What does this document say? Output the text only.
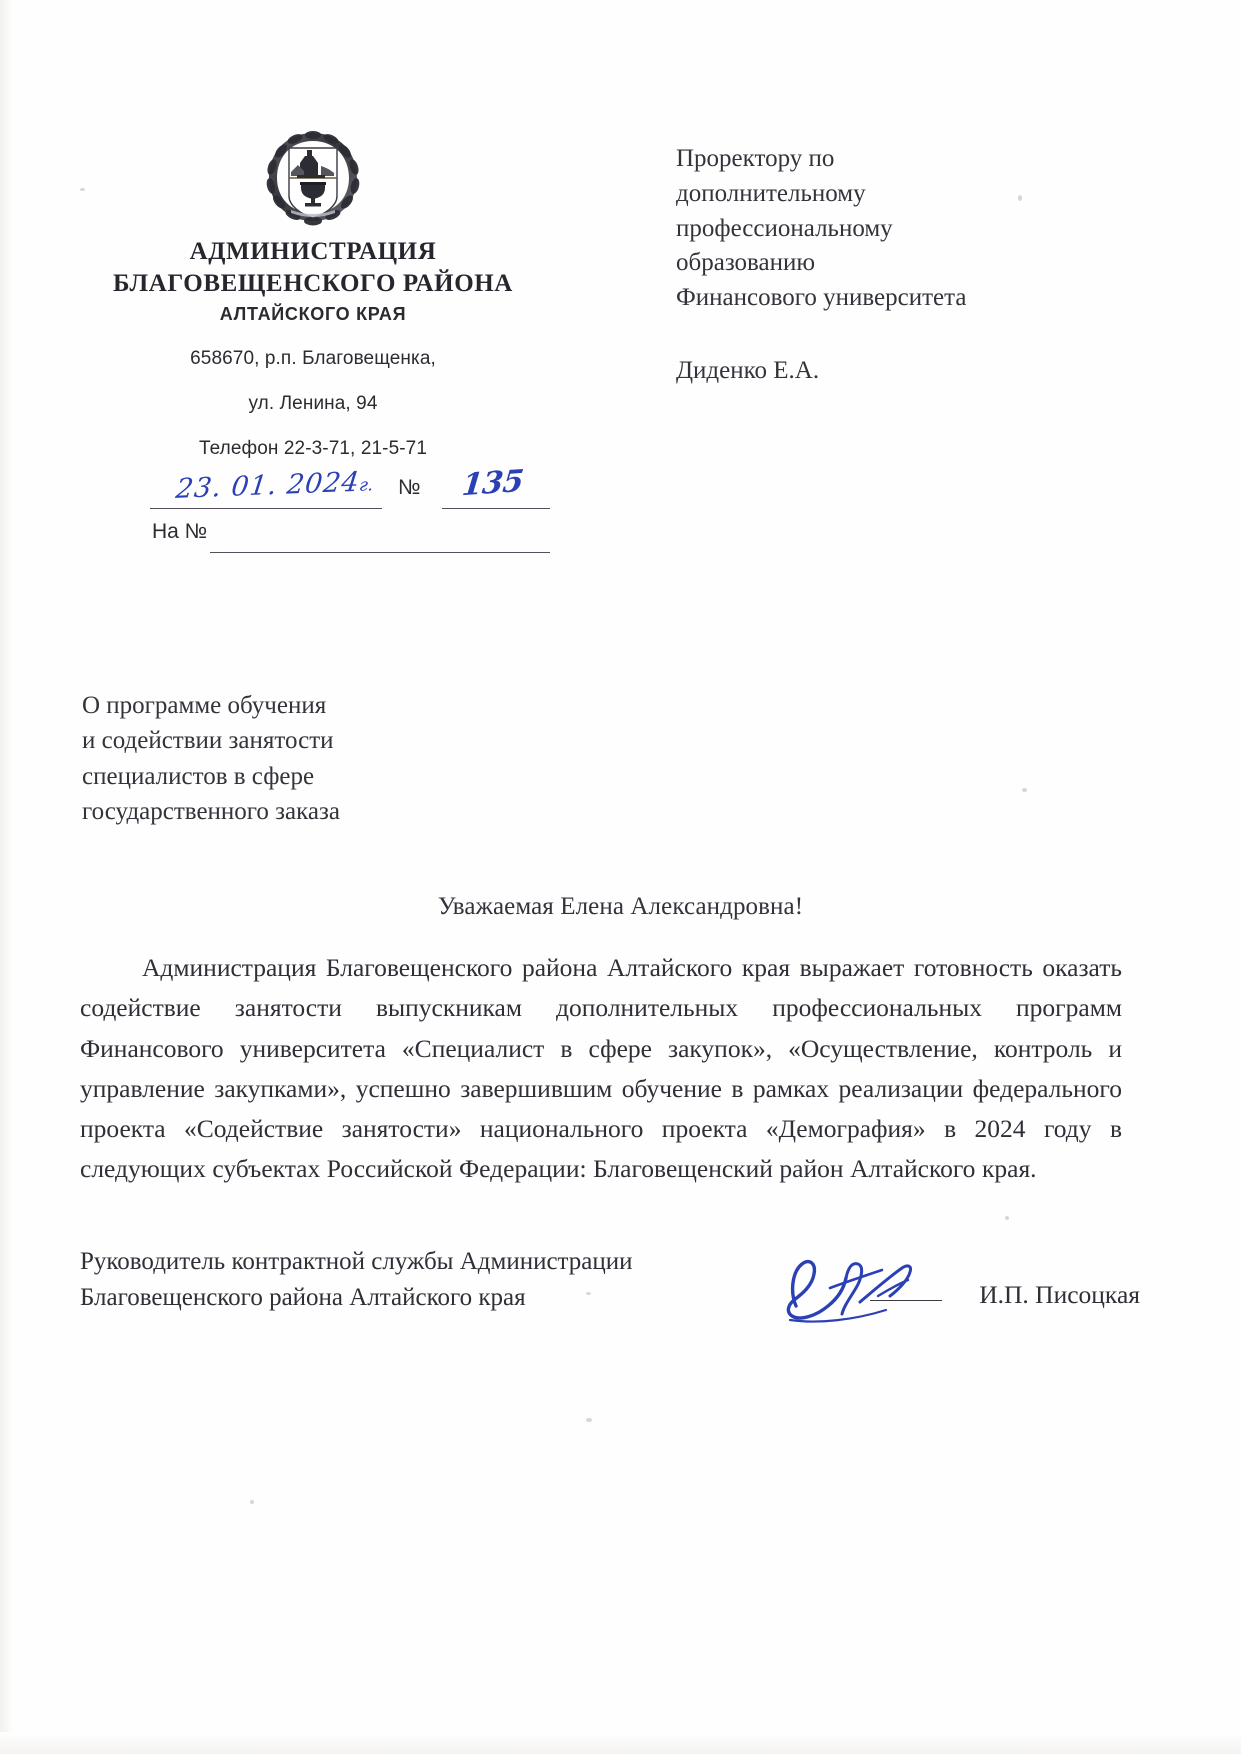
АДМИНИСТРАЦИЯ
БЛАГОВЕЩЕНСКОГО РАЙОНА
АЛТАЙСКОГО КРАЯ
658670, р.п. Благовещенка,
ул. Ленина, 94
Телефон 22-3-71, 21-5-71
23. 01. 2024г. № 135
На №
Проректору по
дополнительному
профессиональному
образованию
Финансового университета
Диденко Е.А.
О программе обучения
и содействии занятости
специалистов в сфере
государственного заказа
Уважаемая Елена Александровна!
Администрация Благовещенского района Алтайского края выражает готовность оказать содействие занятости выпускникам дополнительных профессиональных программ Финансового университета «Специалист в сфере закупок», «Осуществление, контроль и управление закупками», успешно завершившим обучение в рамках реализации федерального проекта «Содействие занятости» национального проекта «Демография» в 2024 году в следующих субъектах Российской Федерации: Благовещенский район Алтайского края.
Руководитель контрактной службы Администрации
Благовещенского района Алтайского края	И.П. Писоцкая
